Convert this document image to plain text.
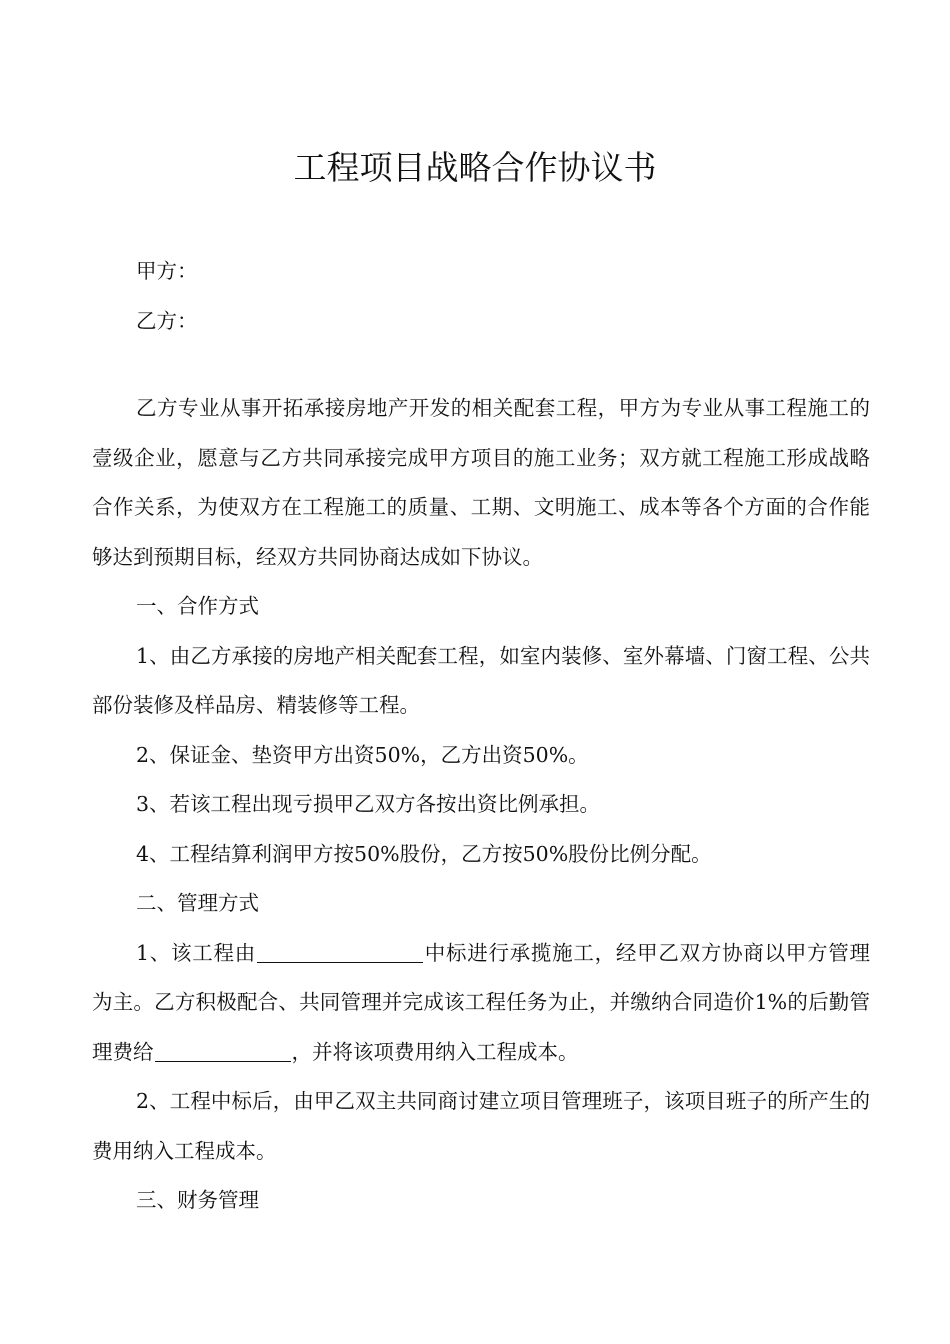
工程项目战略合作协议书

甲方：

乙方：

乙方专业从事开拓承接房地产开发的相关配套工程，甲方为专业从事工程施工的壹级企业，愿意与乙方共同承接完成甲方项目的施工业务；双方就工程施工形成战略合作关系，为使双方在工程施工的质量、工期、文明施工、成本等各个方面的合作能够达到预期目标，经双方共同协商达成如下协议。

一、合作方式

1、由乙方承接的房地产相关配套工程，如室内装修、室外幕墙、门窗工程、公共部份装修及样品房、精装修等工程。

2、保证金、垫资甲方出资50%，乙方出资50%。

3、若该工程出现亏损甲乙双方各按出资比例承担。

4、工程结算利润甲方按50%股份，乙方按50%股份比例分配。

二、管理方式

1、该工程由	中标进行承揽施工，经甲乙双方协商以甲方管理为主。乙方积极配合、共同管理并完成该工程任务为止，并缴纳合同造价1%的后勤管理费给	，并将该项费用纳入工程成本。

2、工程中标后，由甲乙双主共同商讨建立项目管理班子，该项目班子的所产生的费用纳入工程成本。

三、财务管理
